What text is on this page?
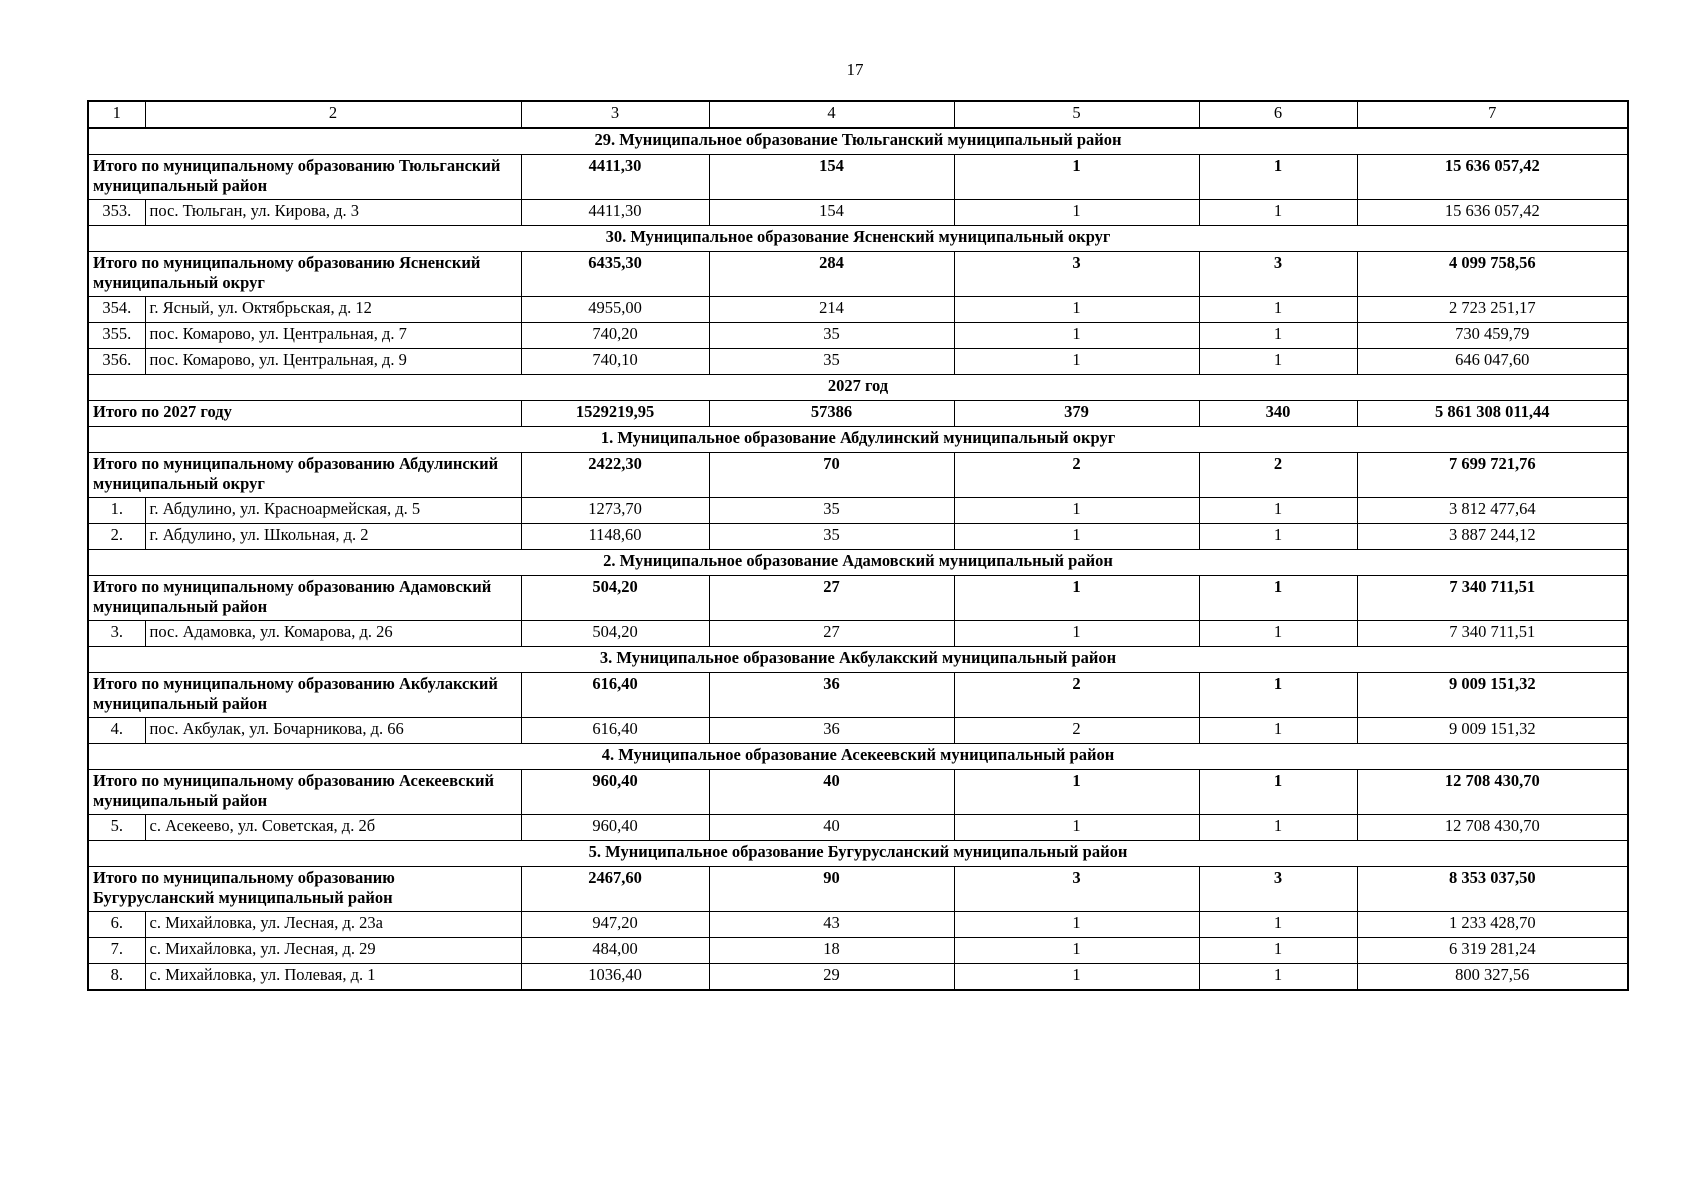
17
1	2	3	4	5	6	7
29. Муниципальное образование Тюльганский муниципальный район						
Итого по муниципальному образованию Тюльганский муниципальный район		4411,30	154	1	1	15 636 057,42
353.	пос. Тюльган, ул. Кирова, д. 3	4411,30	154	1	1	15 636 057,42
30. Муниципальное образование Ясненский муниципальный округ						
Итого по муниципальному образованию Ясненский муниципальный округ		6435,30	284	3	3	4 099 758,56
354.	г. Ясный, ул. Октябрьская, д. 12	4955,00	214	1	1	2 723 251,17
355.	пос. Комарово, ул. Центральная, д. 7	740,20	35	1	1	730 459,79
356.	пос. Комарово, ул. Центральная, д. 9	740,10	35	1	1	646 047,60
2027 год						
Итого по 2027 году		1529219,95	57386	379	340	5 861 308 011,44
1. Муниципальное образование Абдулинский муниципальный округ						
Итого по муниципальному образованию Абдулинский муниципальный округ		2422,30	70	2	2	7 699 721,76
1.	г. Абдулино, ул. Красноармейская, д. 5	1273,70	35	1	1	3 812 477,64
2.	г. Абдулино, ул. Школьная, д. 2	1148,60	35	1	1	3 887 244,12
2. Муниципальное образование Адамовский муниципальный район						
Итого по муниципальному образованию Адамовский муниципальный район		504,20	27	1	1	7 340 711,51
3.	пос. Адамовка, ул. Комарова, д. 26	504,20	27	1	1	7 340 711,51
3. Муниципальное образование Акбулакский муниципальный район						
Итого по муниципальному образованию Акбулакский муниципальный район		616,40	36	2	1	9 009 151,32
4.	пос. Акбулак, ул. Бочарникова, д. 66	616,40	36	2	1	9 009 151,32
4. Муниципальное образование Асекеевский муниципальный район						
Итого по муниципальному образованию Асекеевский муниципальный район		960,40	40	1	1	12 708 430,70
5.	с. Асекеево, ул. Советская, д. 2б	960,40	40	1	1	12 708 430,70
5. Муниципальное образование Бугурусланский муниципальный район						
Итого по муниципальному образованию Бугурусланский муниципальный район		2467,60	90	3	3	8 353 037,50
6.	с. Михайловка, ул. Лесная, д. 23а	947,20	43	1	1	1 233 428,70
7.	с. Михайловка, ул. Лесная, д. 29	484,00	18	1	1	6 319 281,24
8.	с. Михайловка, ул. Полевая, д. 1	1036,40	29	1	1	800 327,56
